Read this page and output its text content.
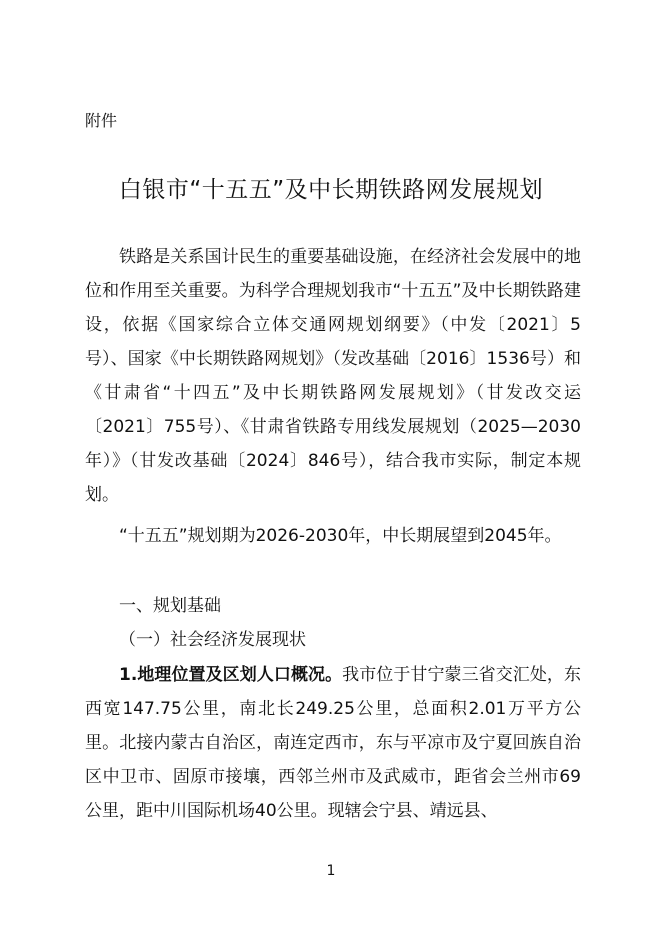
附件
白银市“十五五”及中长期铁路网发展规划
铁路是关系国计民生的重要基础设施，在经济社会发展中的地位和作用至关重要。为科学合理规划我市“十五五”及中长期铁路建设，依据《国家综合立体交通网规划纲要》（中发〔2021〕5号）、国家《中长期铁路网规划》（发改基础〔2016〕1536号）和《甘肃省“十四五”及中长期铁路网发展规划》（甘发改交运〔2021〕755号）、《甘肃省铁路专用线发展规划（2025—2030年）》（甘发改基础〔2024〕846号），结合我市实际，制定本规划。
“十五五”规划期为2026-2030年，中长期展望到2045年。
一、规划基础
（一）社会经济发展现状
1.地理位置及区划人口概况。我市位于甘宁蒙三省交汇处，东西宽147.75公里，南北长249.25公里，总面积2.01万平方公里。北接内蒙古自治区，南连定西市，东与平凉市及宁夏回族自治区中卫市、固原市接壤，西邻兰州市及武威市，距省会兰州市69公里，距中川国际机场40公里。现辖会宁县、靖远县、
1
